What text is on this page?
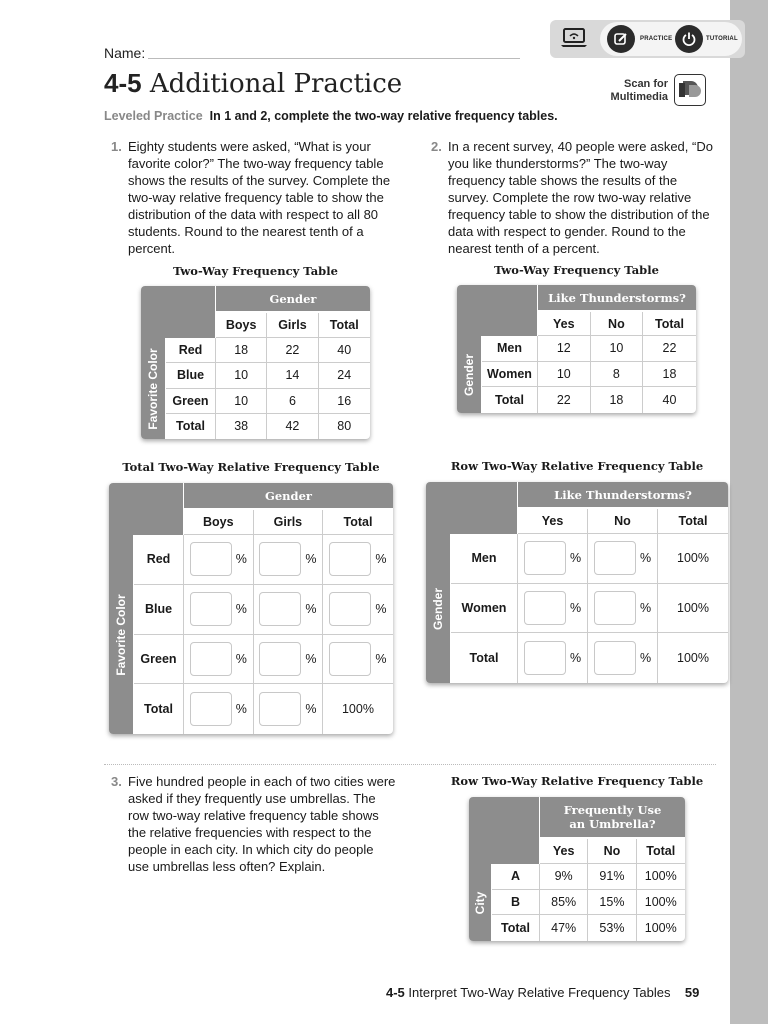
PRACTICE	TUTORIAL
Name:
4-5 Additional Practice	Scan for
Multimedia
Leveled Practice In 1 and 2, complete the two-way relative frequency tables.
1. Eighty students were asked, “What is your favorite color?” The two-way frequency table shows the results of the survey. Complete the two-way relative frequency table to show the distribution of the data with respect to all 80 students. Round to the nearest tenth of a percent.
2. In a recent survey, 40 people were asked, “Do you like thunderstorms?” The two-way frequency table shows the results of the survey. Complete the row two-way relative frequency table to show the distribution of the data with respect to gender. Round to the nearest tenth of a percent.
Two-Way Frequency Table
Gender
Favorite Color
Boys	Girls	Total
Red	18	22	40
Blue	10	14	24
Green	10	6	16
Total	38	42	80
Two-Way Frequency Table
Like Thunderstorms?
Gender
Yes	No	Total
Men	12	10	22
Women	10	8	18
Total	22	18	40
Total Two-Way Relative Frequency Table
Gender
Favorite Color
Boys	Girls	Total
Red	%	%	%
Blue	%	%	%
Green	%	%	%
Total	%	%	100%
Row Two-Way Relative Frequency Table
Like Thunderstorms?
Gender
Yes	No	Total
Men	%	%	100%
Women	%	%	100%
Total	%	%	100%
3. Five hundred people in each of two cities were asked if they frequently use umbrellas. The row two-way relative frequency table shows the relative frequencies with respect to the people in each city. In which city do people use umbrellas less often? Explain.
Row Two-Way Relative Frequency Table
Frequently Use
an Umbrella?
City
Yes	No	Total
A	9%	91%	100%
B	85%	15%	100%
Total	47%	53%	100%
4-5 Interpret Two-Way Relative Frequency Tables 59
